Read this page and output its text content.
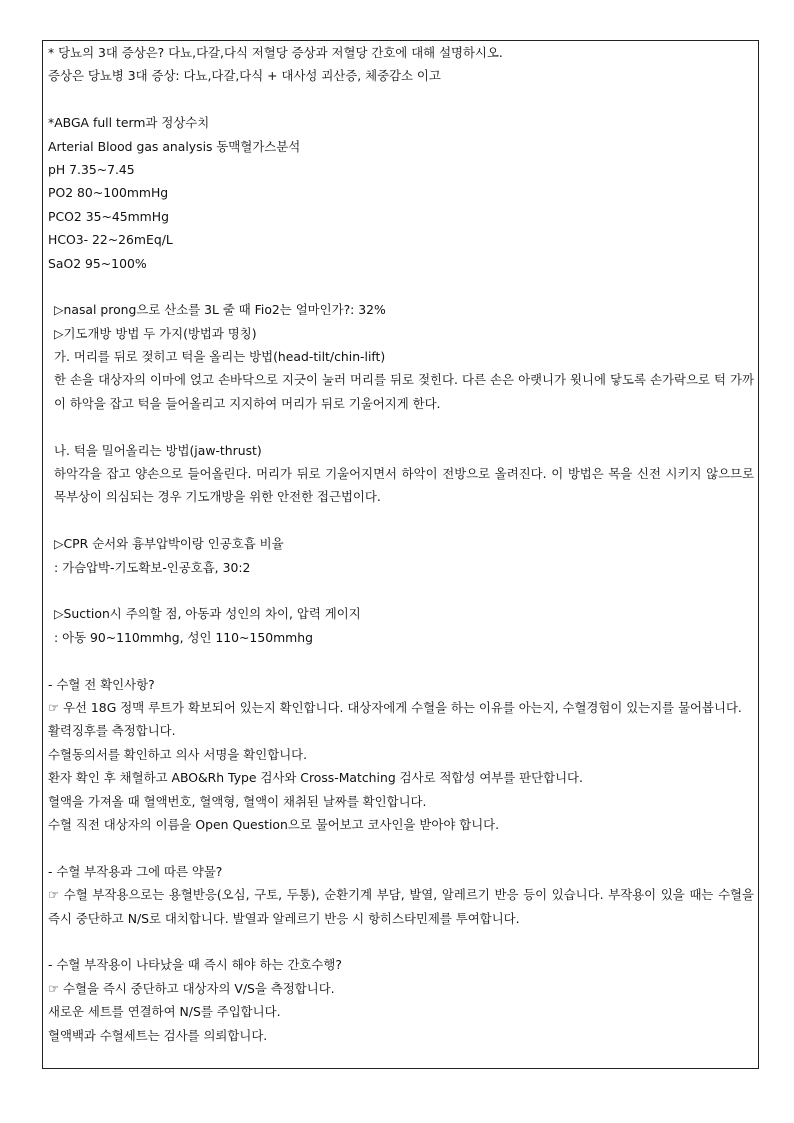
* 당뇨의 3대 증상은? 다뇨,다갈,다식 저혈당 증상과 저혈당 간호에 대해 설명하시오.
증상은 당뇨병 3대 증상: 다뇨,다갈,다식 + 대사성 괴산증, 체중감소 이고
*ABGA full term과 정상수치
Arterial Blood gas analysis 동맥혈가스분석
pH 7.35~7.45
PO2 80~100mmHg
PCO2 35~45mmHg
HCO3- 22~26mEq/L
SaO2 95~100%
▷nasal prong으로 산소를 3L 줄 때 Fio2는 얼마인가?: 32%
▷기도개방 방법 두 가지(방법과 명칭)
가. 머리를 뒤로 젖히고 턱을 올리는 방법(head-tilt/chin-lift)
한 손을 대상자의 이마에 얹고 손바닥으로 지긋이 눌러 머리를 뒤로 젖힌다. 다른 손은 아랫니가 윗니에 닿도록 손가락으로 턱 가까이 하악을 잡고 턱을 들어올리고 지지하여 머리가 뒤로 기울어지게 한다.
나. 턱을 밀어올리는 방법(jaw-thrust)
하악각을 잡고 양손으로 들어올린다. 머리가 뒤로 기울어지면서 하악이 전방으로 올려진다. 이 방법은 목을 신전 시키지 않으므로 목부상이 의심되는 경우 기도개방을 위한 안전한 접근법이다.
▷CPR 순서와 흉부압박이랑 인공호흡 비율
: 가슴압박-기도확보-인공호흡, 30:2
▷Suction시 주의할 점, 아동과 성인의 차이, 압력 게이지
: 아동 90~110mmhg, 성인 110~150mmhg
- 수혈 전 확인사항?
☞ 우선 18G 정맥 루트가 확보되어 있는지 확인합니다. 대상자에게 수혈을 하는 이유를 아는지, 수혈경험이 있는지를 물어봅니다.
활력징후를 측정합니다.
수혈동의서를 확인하고 의사 서명을 확인합니다.
환자 확인 후 채혈하고 ABO&Rh Type 검사와 Cross-Matching 검사로 적합성 여부를 판단합니다.
혈액을 가져올 때 혈액번호, 혈액형, 혈액이 채취된 날짜를 확인합니다.
수혈 직전 대상자의 이름을 Open Question으로 물어보고 코사인을 받아야 합니다.
- 수혈 부작용과 그에 따른 약물?
☞ 수혈 부작용으로는 용혈반응(오심, 구토, 두통), 순환기계 부담, 발열, 알레르기 반응 등이 있습니다. 부작용이 있을 때는 수혈을 즉시 중단하고 N/S로 대치합니다. 발열과 알레르기 반응 시 항히스타민제를 투여합니다.
- 수혈 부작용이 나타났을 때 즉시 해야 하는 간호수행?
☞ 수혈을 즉시 중단하고 대상자의 V/S을 측정합니다.
새로운 세트를 연결하여 N/S를 주입합니다.
혈액백과 수혈세트는 검사를 의뢰합니다.
